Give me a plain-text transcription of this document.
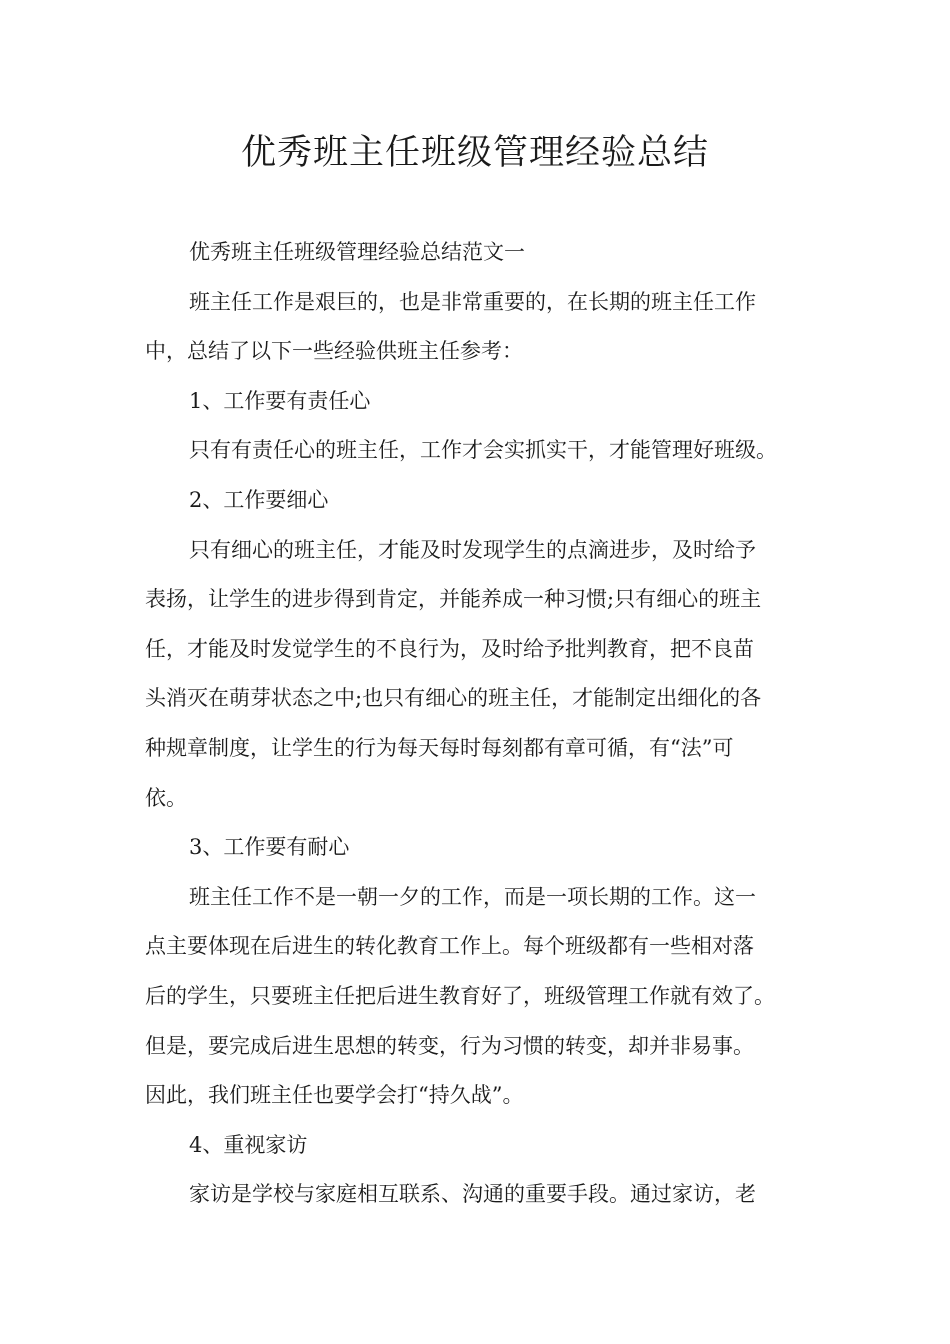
优秀班主任班级管理经验总结

优秀班主任班级管理经验总结范文一

班主任工作是艰巨的，也是非常重要的，在长期的班主任工作

中，总结了以下一些经验供班主任参考：

1、工作要有责任心

只有有责任心的班主任，工作才会实抓实干，才能管理好班级。

2、工作要细心

只有细心的班主任，才能及时发现学生的点滴进步，及时给予

表扬，让学生的进步得到肯定，并能养成一种习惯;只有细心的班主

任，才能及时发觉学生的不良行为，及时给予批判教育，把不良苗

头消灭在萌芽状态之中;也只有细心的班主任，才能制定出细化的各

种规章制度，让学生的行为每天每时每刻都有章可循，有“法”可

依。

3、工作要有耐心

班主任工作不是一朝一夕的工作，而是一项长期的工作。这一

点主要体现在后进生的转化教育工作上。每个班级都有一些相对落

后的学生，只要班主任把后进生教育好了，班级管理工作就有效了。

但是，要完成后进生思想的转变，行为习惯的转变，却并非易事。

因此，我们班主任也要学会打“持久战”。

4、重视家访

家访是学校与家庭相互联系、沟通的重要手段。通过家访，老
